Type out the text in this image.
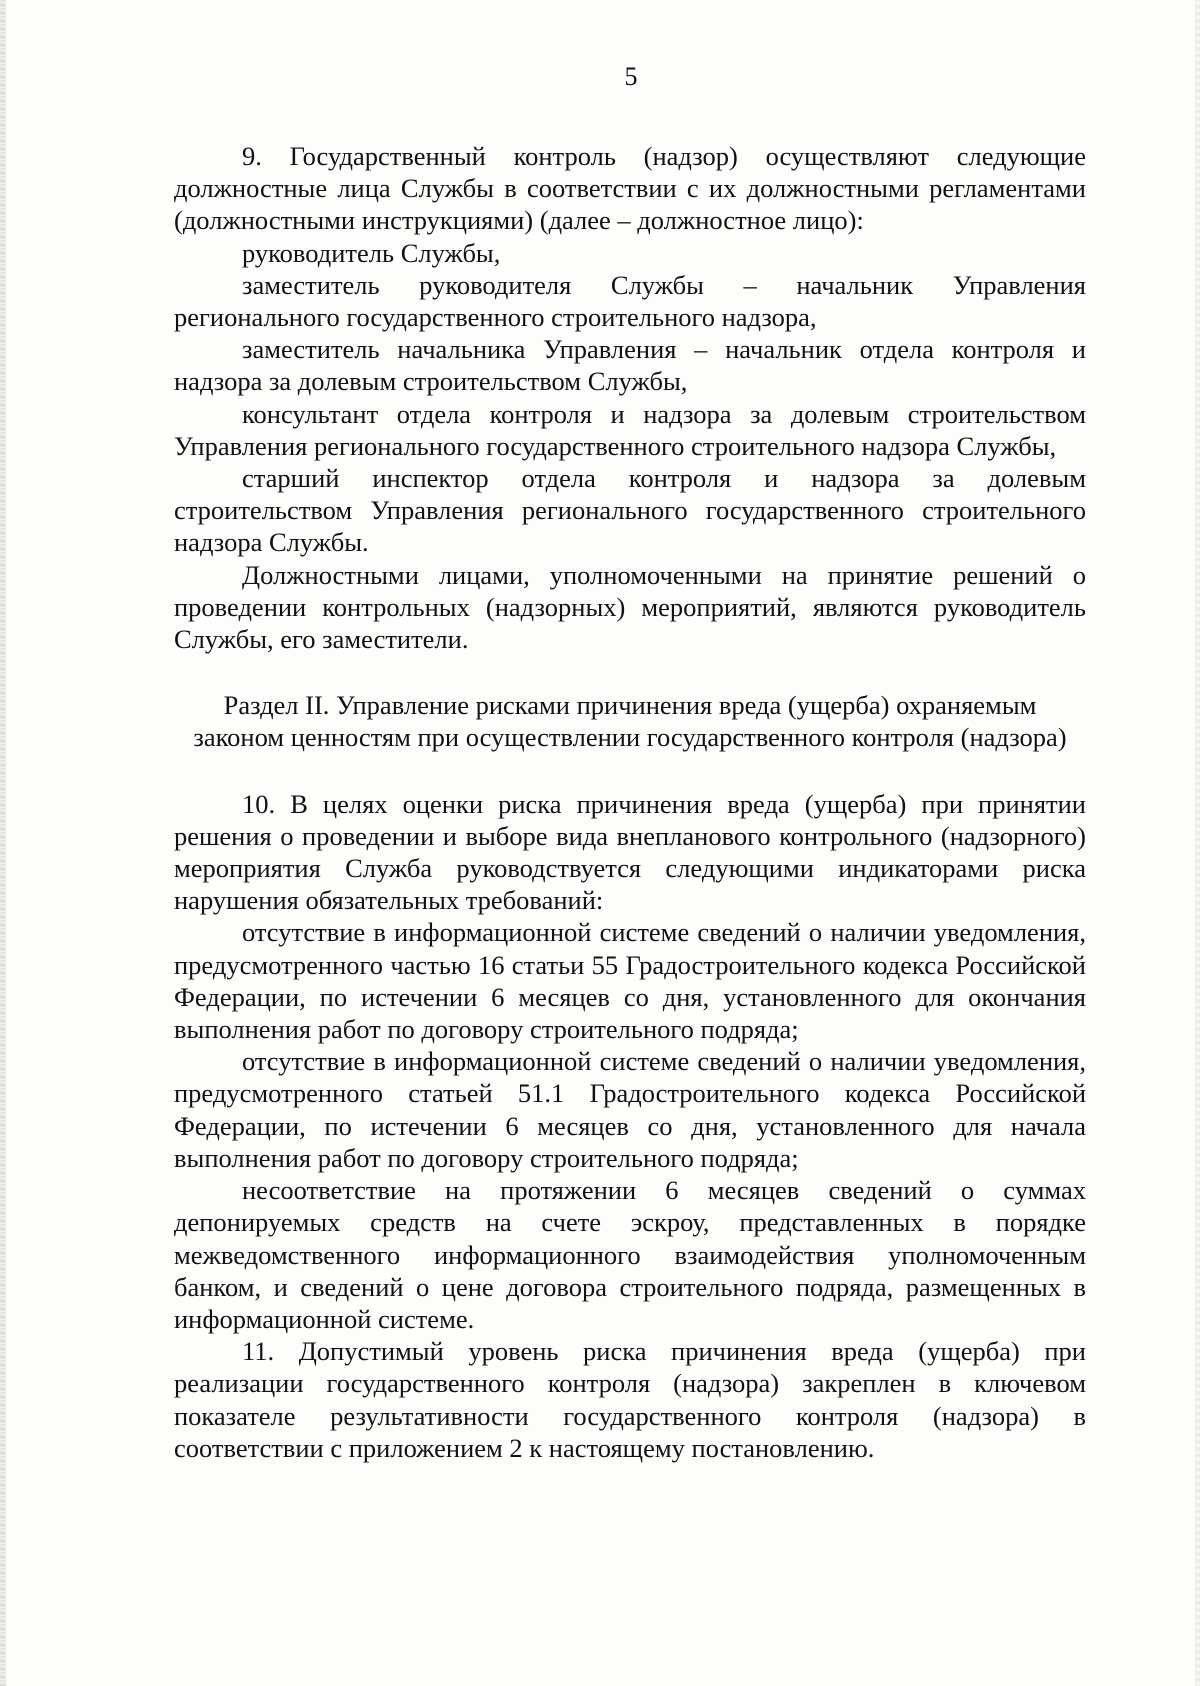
5

9. Государственный контроль (надзор) осуществляют следующие должностные лица Службы в соответствии с их должностными регламентами (должностными инструкциями) (далее – должностное лицо):

руководитель Службы,

заместитель руководителя Службы – начальник Управления регионального государственного строительного надзора,

заместитель начальника Управления – начальник отдела контроля и надзора за долевым строительством Службы,

консультант отдела контроля и надзора за долевым строительством Управления регионального государственного строительного надзора Службы,

старший инспектор отдела контроля и надзора за долевым строительством Управления регионального государственного строительного надзора Службы.

Должностными лицами, уполномоченными на принятие решений о проведении контрольных (надзорных) мероприятий, являются руководитель Службы, его заместители.

Раздел II. Управление рисками причинения вреда (ущерба) охраняемым законом ценностям при осуществлении государственного контроля (надзора)

10. В целях оценки риска причинения вреда (ущерба) при принятии решения о проведении и выборе вида внепланового контрольного (надзорного) мероприятия Служба руководствуется следующими индикаторами риска нарушения обязательных требований:

отсутствие в информационной системе сведений о наличии уведомления, предусмотренного частью 16 статьи 55 Градостроительного кодекса Российской Федерации, по истечении 6 месяцев со дня, установленного для окончания выполнения работ по договору строительного подряда;

отсутствие в информационной системе сведений о наличии уведомления, предусмотренного статьей 51.1 Градостроительного кодекса Российской Федерации, по истечении 6 месяцев со дня, установленного для начала выполнения работ по договору строительного подряда;

несоответствие на протяжении 6 месяцев сведений о суммах депонируемых средств на счете эскроу, представленных в порядке межведомственного информационного взаимодействия уполномоченным банком, и сведений о цене договора строительного подряда, размещенных в информационной системе.

11. Допустимый уровень риска причинения вреда (ущерба) при реализации государственного контроля (надзора) закреплен в ключевом показателе результативности государственного контроля (надзора) в соответствии с приложением 2 к настоящему постановлению.
